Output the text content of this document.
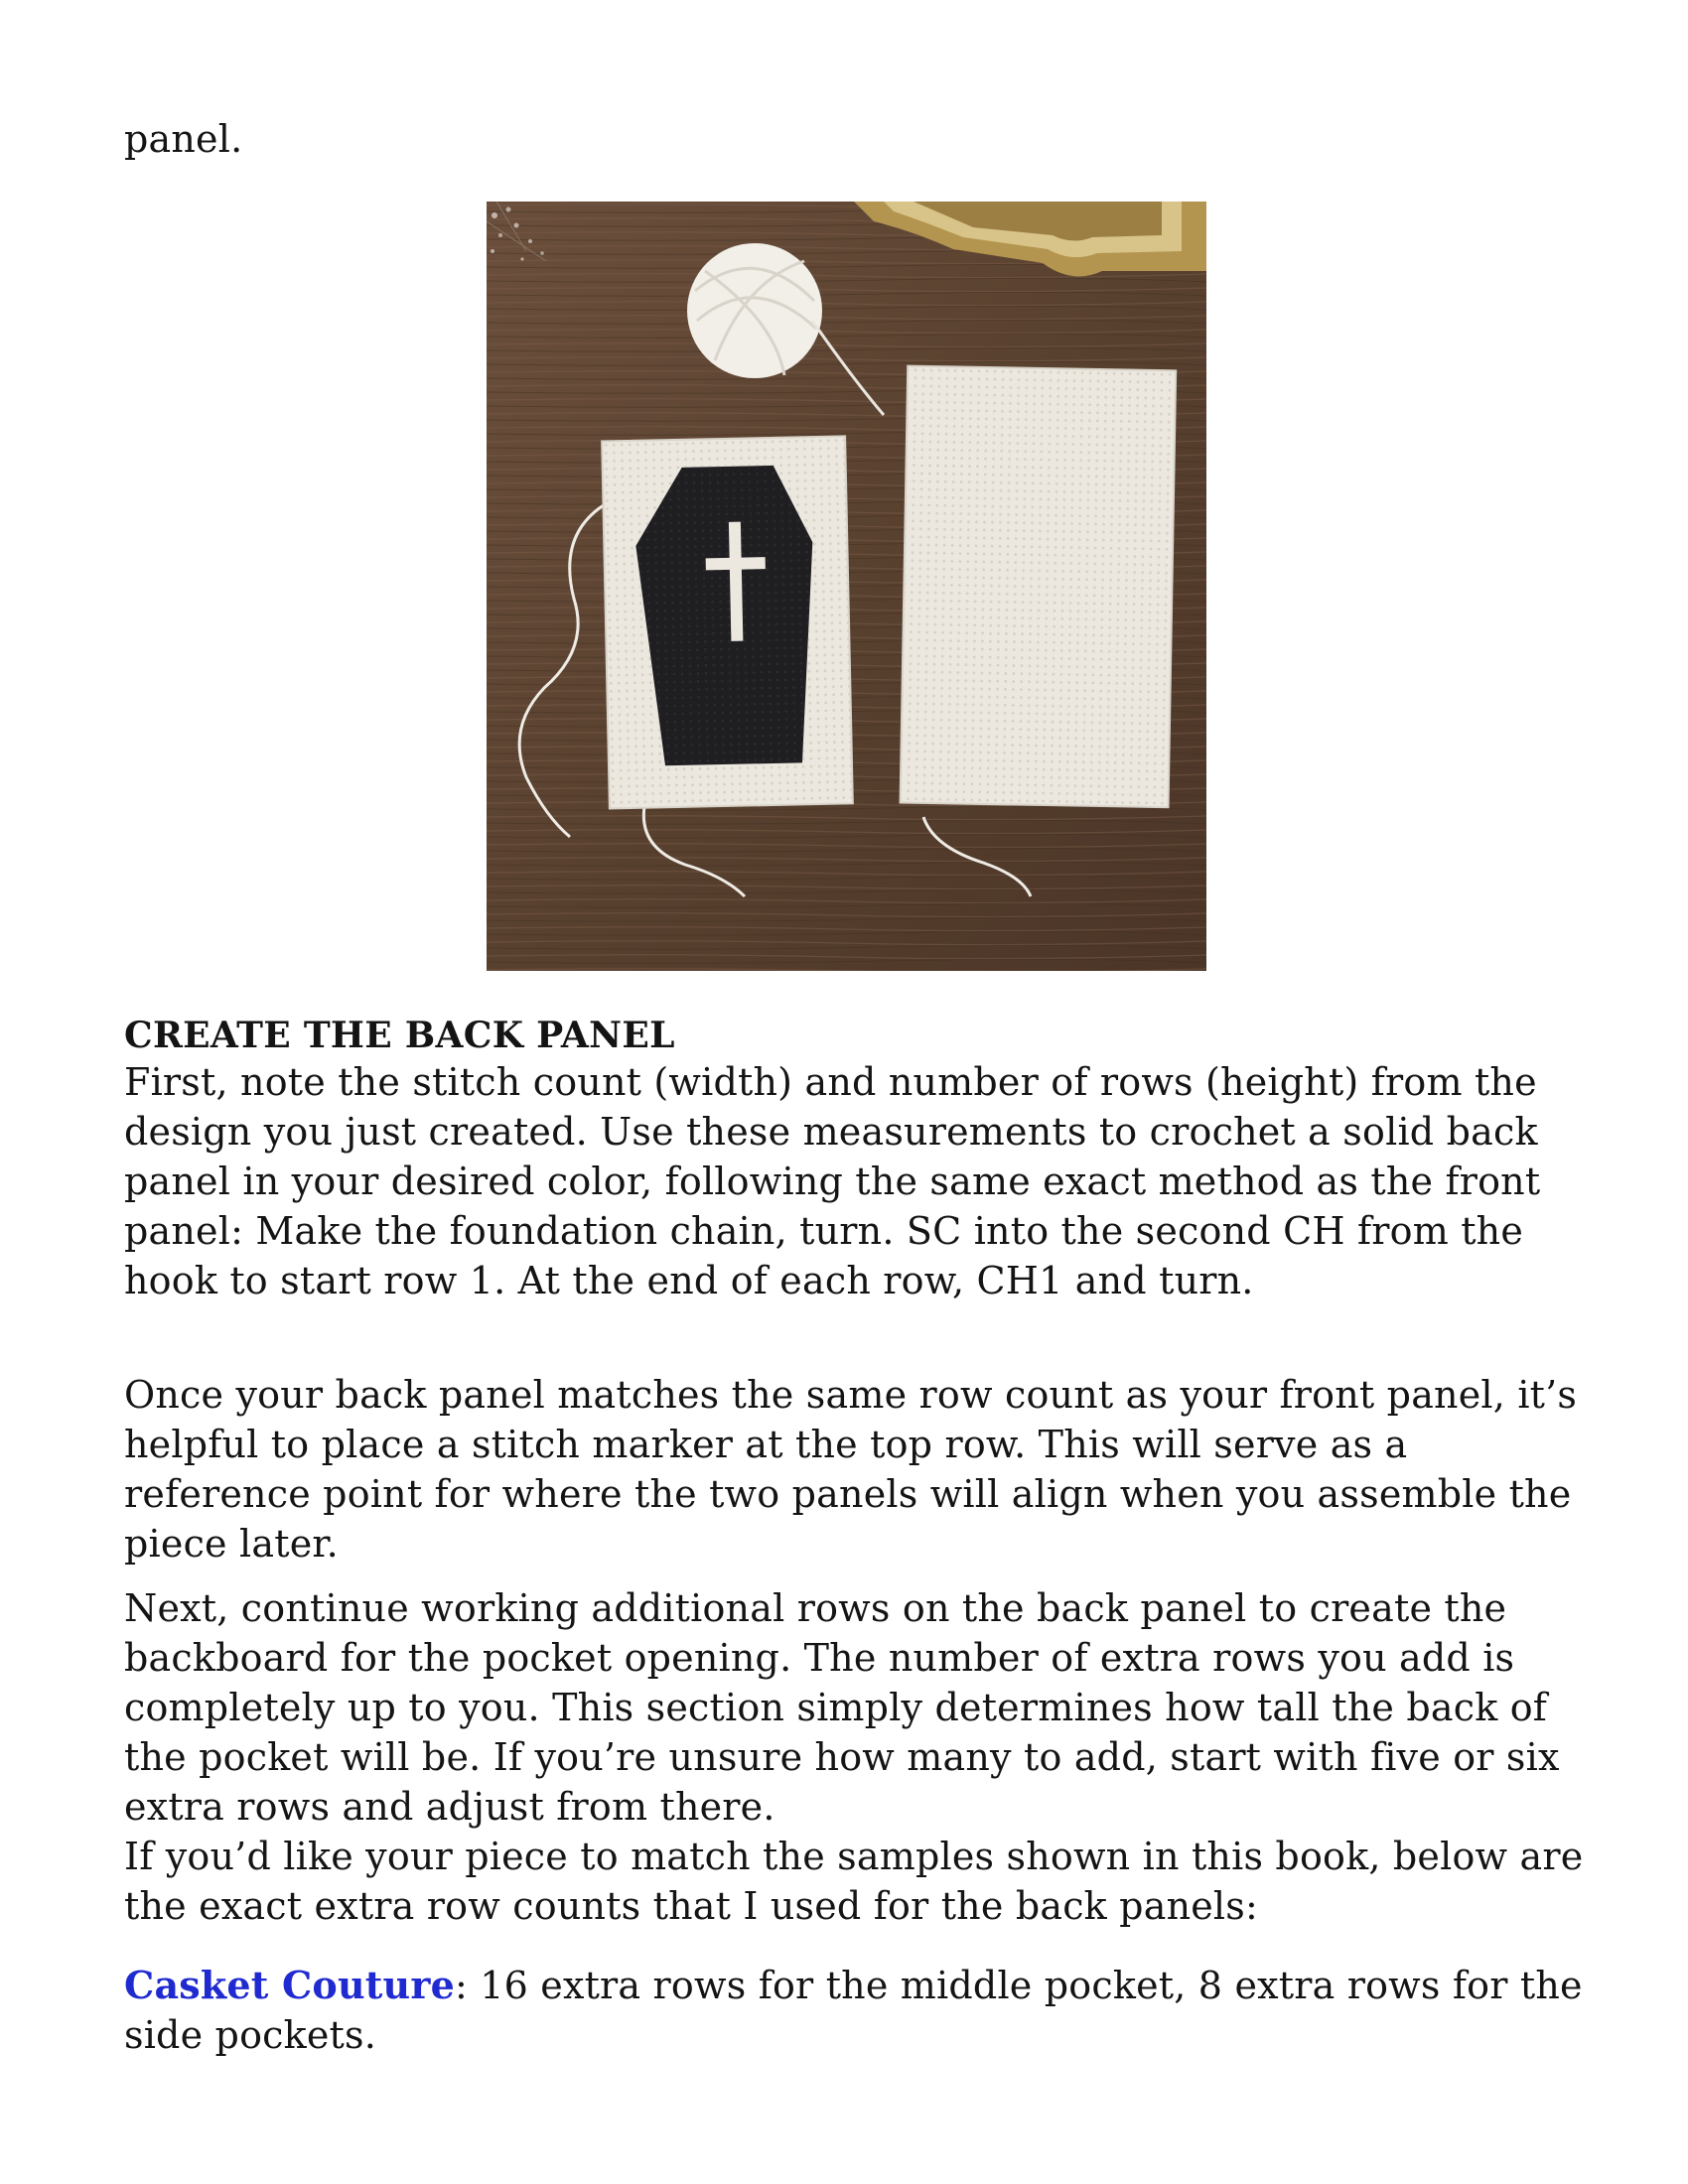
panel.
CREATE THE BACK PANEL
First, note the stitch count (width) and number of rows (height) from the design you just created. Use these measurements to crochet a solid back panel in your desired color, following the same exact method as the front panel: Make the foundation chain, turn. SC into the second CH from the hook to start row 1. At the end of each row, CH1 and turn.
Once your back panel matches the same row count as your front panel, it’s helpful to place a stitch marker at the top row. This will serve as a reference point for where the two panels will align when you assemble the piece later.
Next, continue working additional rows on the back panel to create the backboard for the pocket opening. The number of extra rows you add is completely up to you. This section simply determines how tall the back of the pocket will be. If you’re unsure how many to add, start with five or six extra rows and adjust from there.
If you’d like your piece to match the samples shown in this book, below are the exact extra row counts that I used for the back panels:
Casket Couture: 16 extra rows for the middle pocket, 8 extra rows for the side pockets.
